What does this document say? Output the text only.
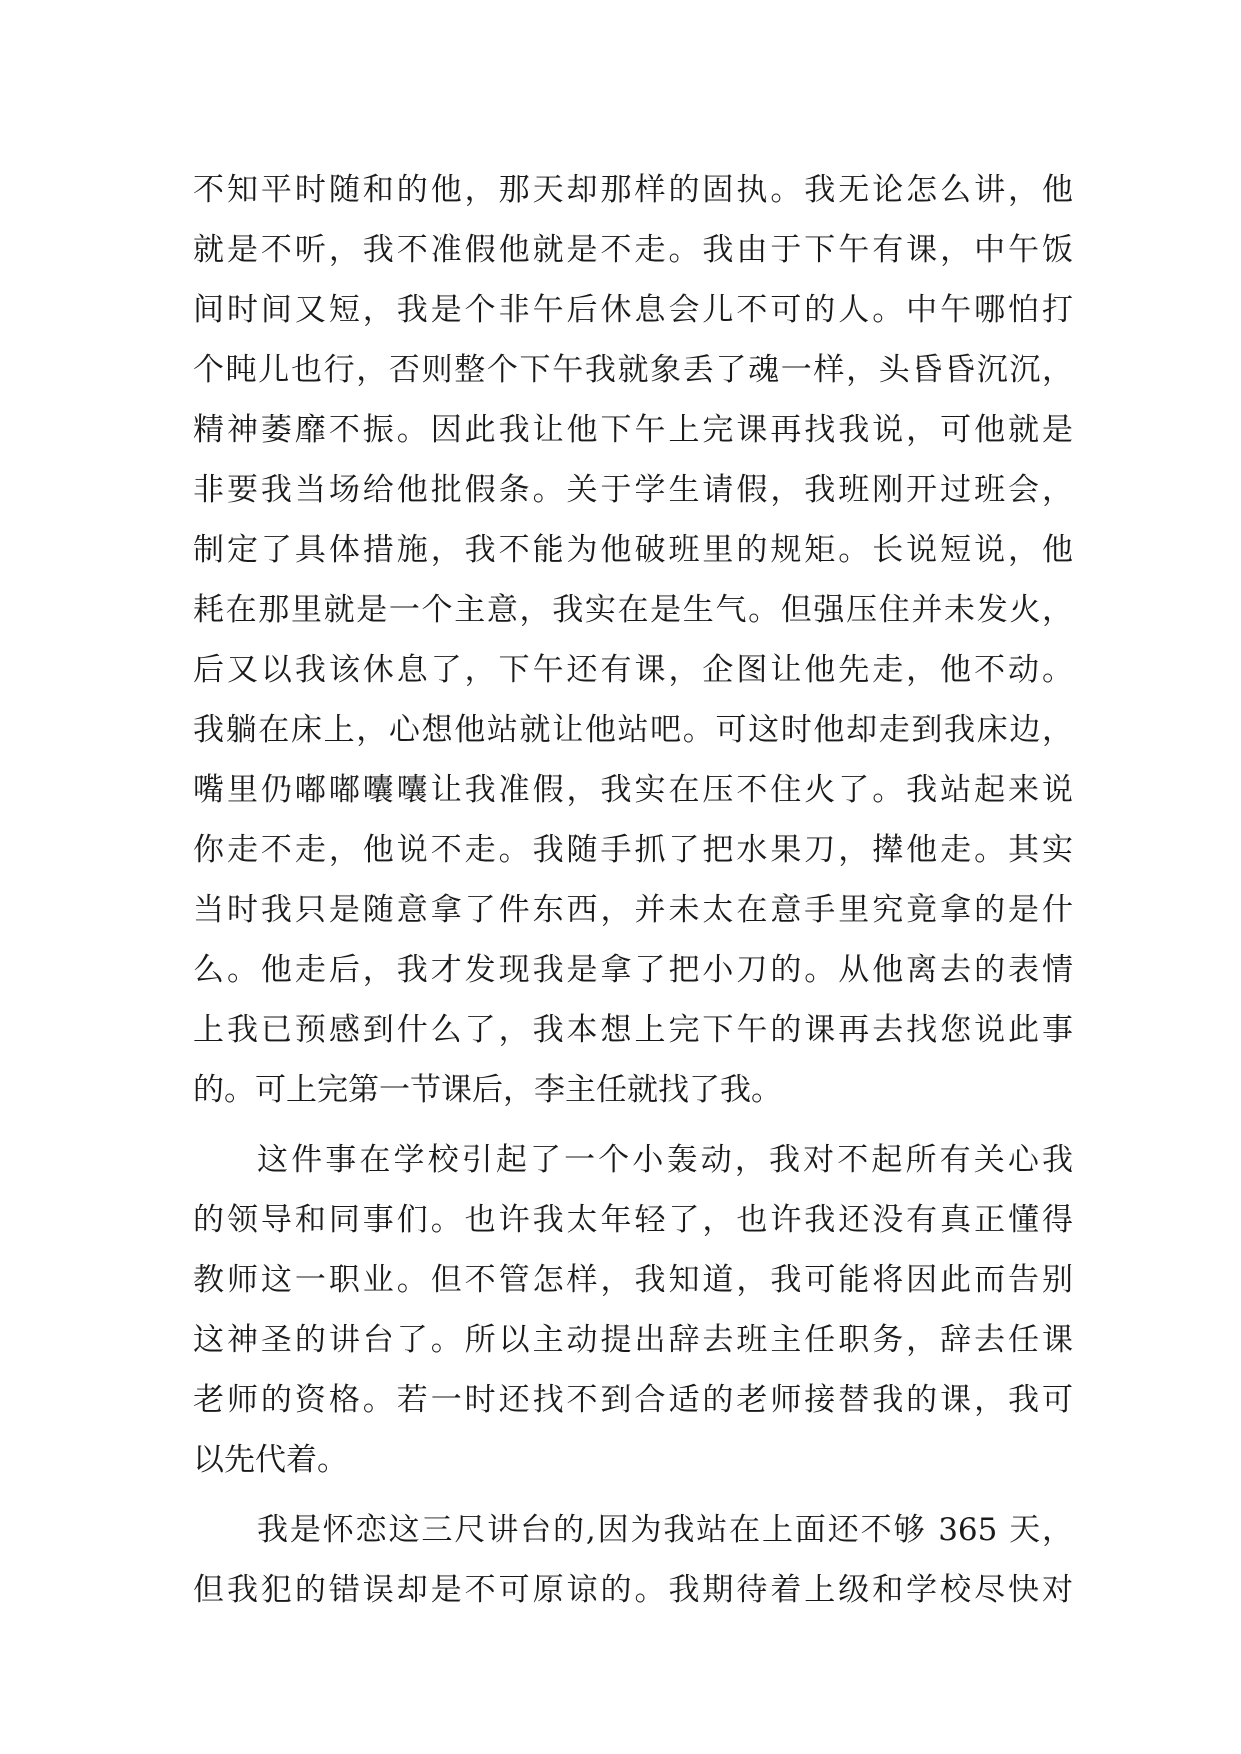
不知平时随和的他，那天却那样的固执。我无论怎么讲，他
就是不听，我不准假他就是不走。我由于下午有课，中午饭
间时间又短，我是个非午后休息会儿不可的人。中午哪怕打
个盹儿也行，否则整个下午我就象丢了魂一样，头昏昏沉沉，
精神萎靡不振。因此我让他下午上完课再找我说，可他就是
非要我当场给他批假条。关于学生请假，我班刚开过班会，
制定了具体措施，我不能为他破班里的规矩。长说短说，他
耗在那里就是一个主意，我实在是生气。但强压住并未发火，
后又以我该休息了，下午还有课，企图让他先走，他不动。
我躺在床上，心想他站就让他站吧。可这时他却走到我床边，
嘴里仍嘟嘟囔囔让我准假，我实在压不住火了。我站起来说
你走不走，他说不走。我随手抓了把水果刀，撵他走。其实
当时我只是随意拿了件东西，并未太在意手里究竟拿的是什
么。他走后，我才发现我是拿了把小刀的。从他离去的表情
上我已预感到什么了，我本想上完下午的课再去找您说此事
的。可上完第一节课后，李主任就找了我。
这件事在学校引起了一个小轰动，我对不起所有关心我
的领导和同事们。也许我太年轻了，也许我还没有真正懂得
教师这一职业。但不管怎样，我知道，我可能将因此而告别
这神圣的讲台了。所以主动提出辞去班主任职务，辞去任课
老师的资格。若一时还找不到合适的老师接替我的课，我可
以先代着。
我是怀恋这三尺讲台的,因为我站在上面还不够 365 天，
但我犯的错误却是不可原谅的。我期待着上级和学校尽快对
